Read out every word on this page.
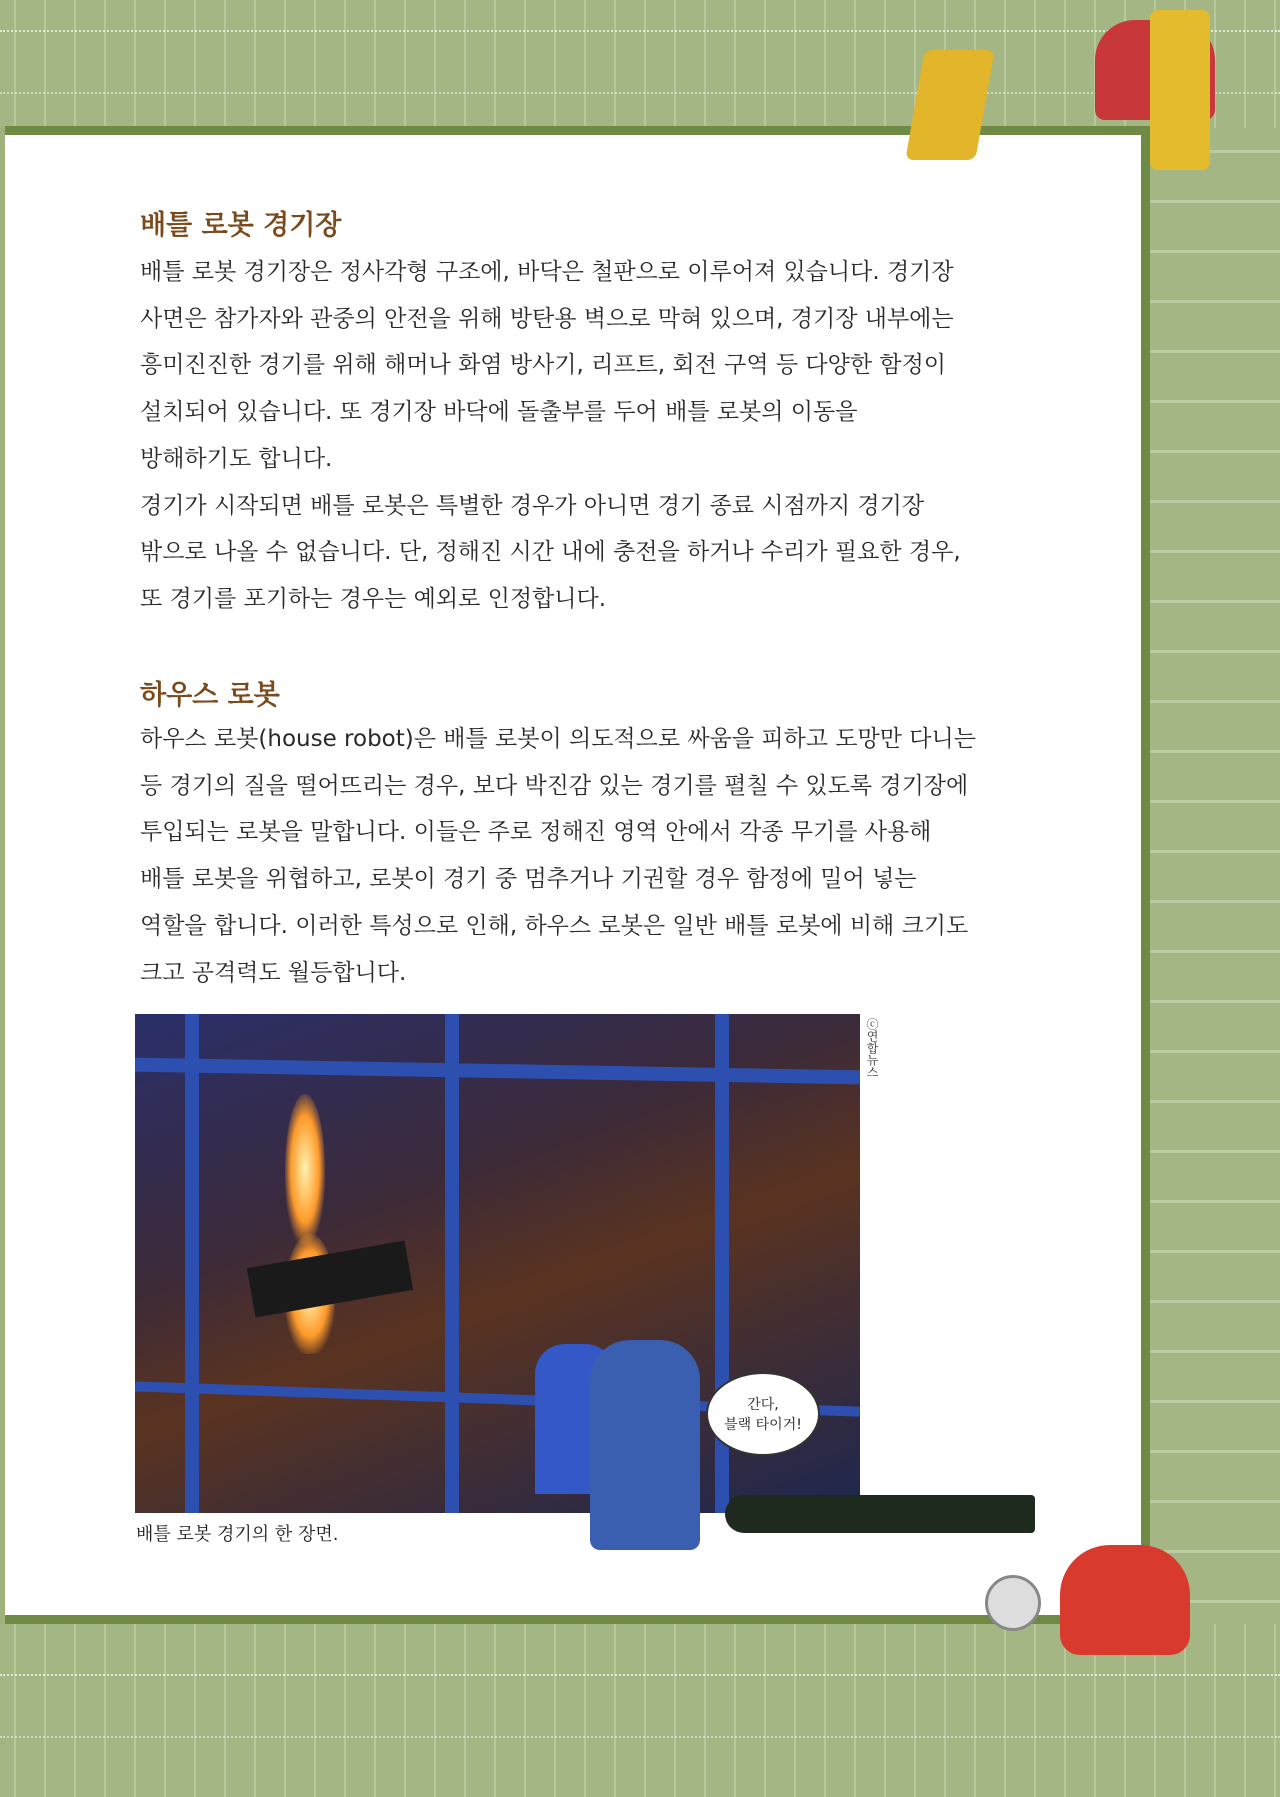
배틀 로봇 경기장
배틀 로봇 경기장은 정사각형 구조에, 바닥은 철판으로 이루어져 있습니다. 경기장
사면은 참가자와 관중의 안전을 위해 방탄용 벽으로 막혀 있으며, 경기장 내부에는
흥미진진한 경기를 위해 해머나 화염 방사기, 리프트, 회전 구역 등 다양한 함정이
설치되어 있습니다. 또 경기장 바닥에 돌출부를 두어 배틀 로봇의 이동을
방해하기도 합니다.
경기가 시작되면 배틀 로봇은 특별한 경우가 아니면 경기 종료 시점까지 경기장
밖으로 나올 수 없습니다. 단, 정해진 시간 내에 충전을 하거나 수리가 필요한 경우,
또 경기를 포기하는 경우는 예외로 인정합니다.
하우스 로봇
하우스 로봇(house robot)은 배틀 로봇이 의도적으로 싸움을 피하고 도망만 다니는
등 경기의 질을 떨어뜨리는 경우, 보다 박진감 있는 경기를 펼칠 수 있도록 경기장에
투입되는 로봇을 말합니다. 이들은 주로 정해진 영역 안에서 각종 무기를 사용해
배틀 로봇을 위협하고, 로봇이 경기 중 멈추거나 기권할 경우 함정에 밀어 넣는
역할을 합니다. 이러한 특성으로 인해, 하우스 로봇은 일반 배틀 로봇에 비해 크기도
크고 공격력도 월등합니다.
ⓒ연합뉴스
배틀 로봇 경기의 한 장면.
간다,
블랙 타이거!
